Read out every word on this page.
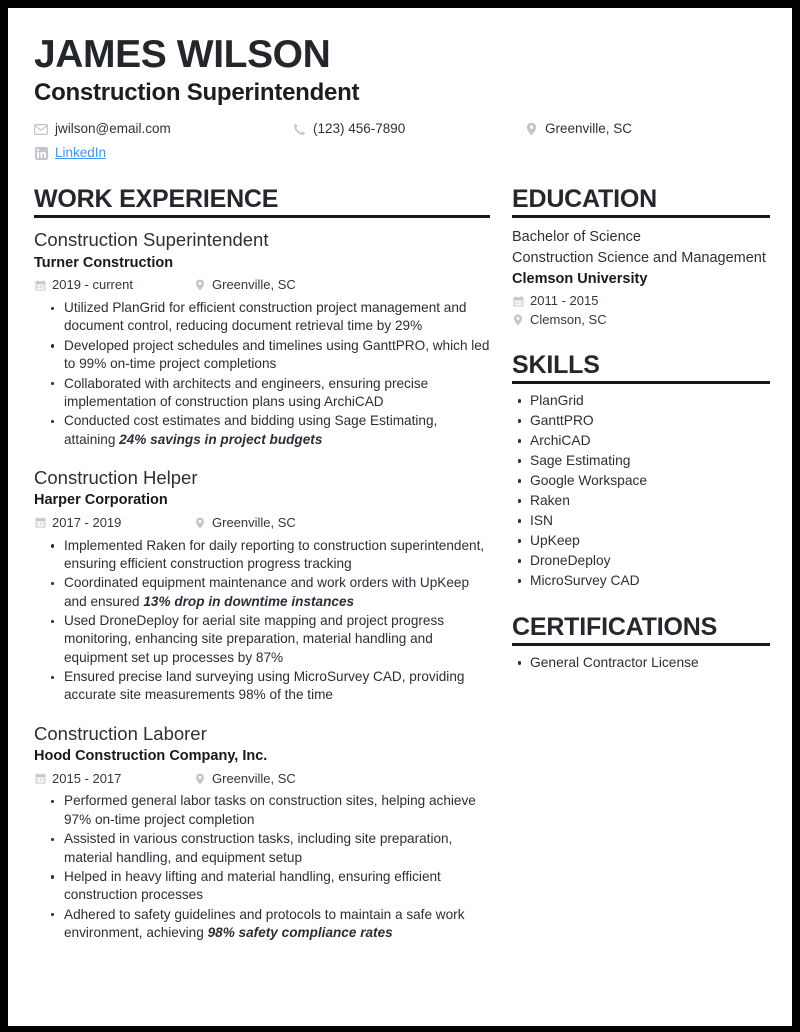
JAMES WILSON
Construction Superintendent
jwilson@email.com	(123) 456-7890	Greenville, SC
LinkedIn
WORK EXPERIENCE
Construction Superintendent
Turner Construction
2019 - current	Greenville, SC
Utilized PlanGrid for efficient construction project management and document control, reducing document retrieval time by 29%
Developed project schedules and timelines using GanttPRO, which led to 99% on-time project completions
Collaborated with architects and engineers, ensuring precise implementation of construction plans using ArchiCAD
Conducted cost estimates and bidding using Sage Estimating, attaining 24% savings in project budgets
Construction Helper
Harper Corporation
2017 - 2019	Greenville, SC
Implemented Raken for daily reporting to construction superintendent, ensuring efficient construction progress tracking
Coordinated equipment maintenance and work orders with UpKeep and ensured 13% drop in downtime instances
Used DroneDeploy for aerial site mapping and project progress monitoring, enhancing site preparation, material handling and equipment set up processes by 87%
Ensured precise land surveying using MicroSurvey CAD, providing accurate site measurements 98% of the time
Construction Laborer
Hood Construction Company, Inc.
2015 - 2017	Greenville, SC
Performed general labor tasks on construction sites, helping achieve 97% on-time project completion
Assisted in various construction tasks, including site preparation, material handling, and equipment setup
Helped in heavy lifting and material handling, ensuring efficient construction processes
Adhered to safety guidelines and protocols to maintain a safe work environment, achieving 98% safety compliance rates
EDUCATION
Bachelor of Science
Construction Science and Management
Clemson University
2011 - 2015
Clemson, SC
SKILLS
PlanGrid
GanttPRO
ArchiCAD
Sage Estimating
Google Workspace
Raken
ISN
UpKeep
DroneDeploy
MicroSurvey CAD
CERTIFICATIONS
General Contractor License
